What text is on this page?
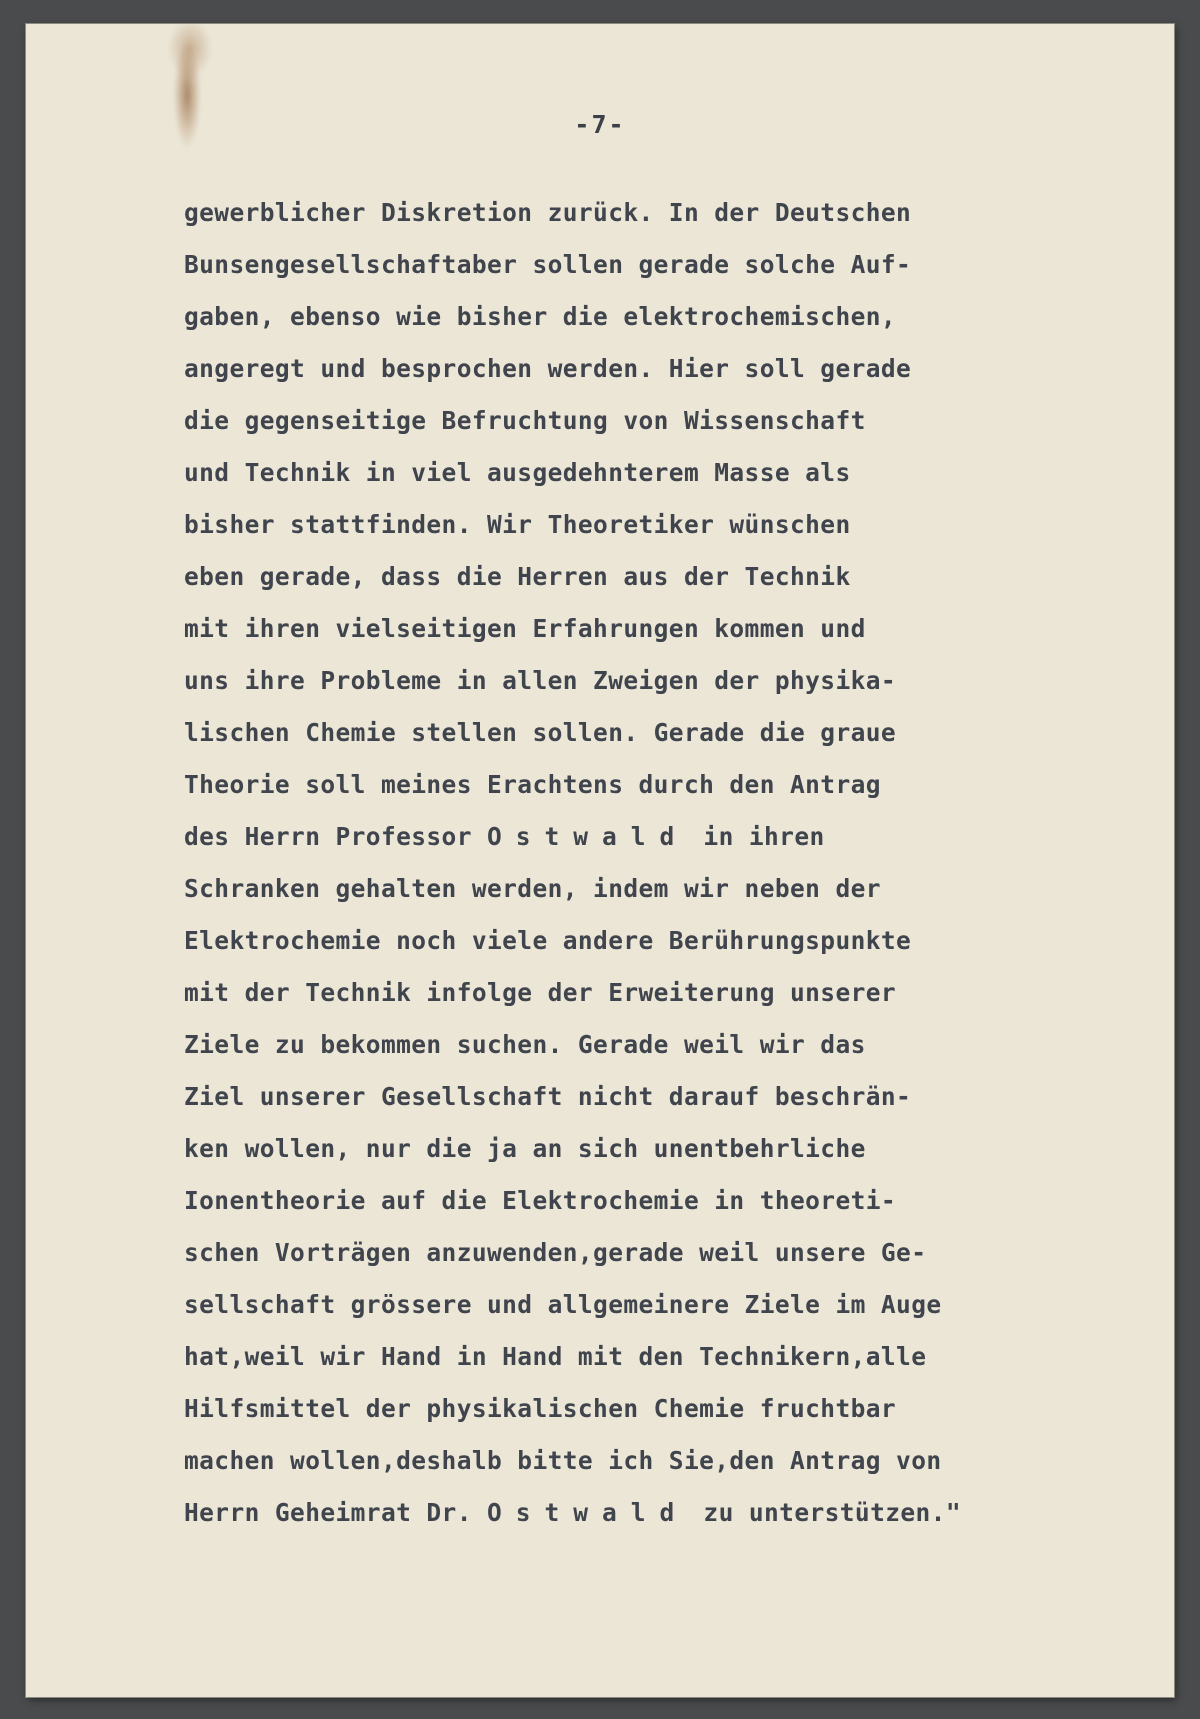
-7-
gewerblicher Diskretion zurück. In der Deutschen
Bunsengesellschaftaber sollen gerade solche Auf-
gaben, ebenso wie bisher die elektrochemischen,
angeregt und besprochen werden. Hier soll gerade
die gegenseitige Befruchtung von Wissenschaft
und Technik in viel ausgedehnterem Masse als
bisher stattfinden. Wir Theoretiker wünschen
eben gerade, dass die Herren aus der Technik
mit ihren vielseitigen Erfahrungen kommen und
uns ihre Probleme in allen Zweigen der physika-
lischen Chemie stellen sollen. Gerade die graue
Theorie soll meines Erachtens durch den Antrag
des Herrn Professor Ostwald in ihren
Schranken gehalten werden, indem wir neben der
Elektrochemie noch viele andere Berührungspunkte
mit der Technik infolge der Erweiterung unserer
Ziele zu bekommen suchen. Gerade weil wir das
Ziel unserer Gesellschaft nicht darauf beschrän-
ken wollen, nur die ja an sich unentbehrliche
Ionentheorie auf die Elektrochemie in theoreti-
schen Vorträgen anzuwenden,gerade weil unsere Ge-
sellschaft grössere und allgemeinere Ziele im Auge
hat,weil wir Hand in Hand mit den Technikern,alle
Hilfsmittel der physikalischen Chemie fruchtbar
machen wollen,deshalb bitte ich Sie,den Antrag von
Herrn Geheimrat Dr. Ostwald zu unterstützen."
